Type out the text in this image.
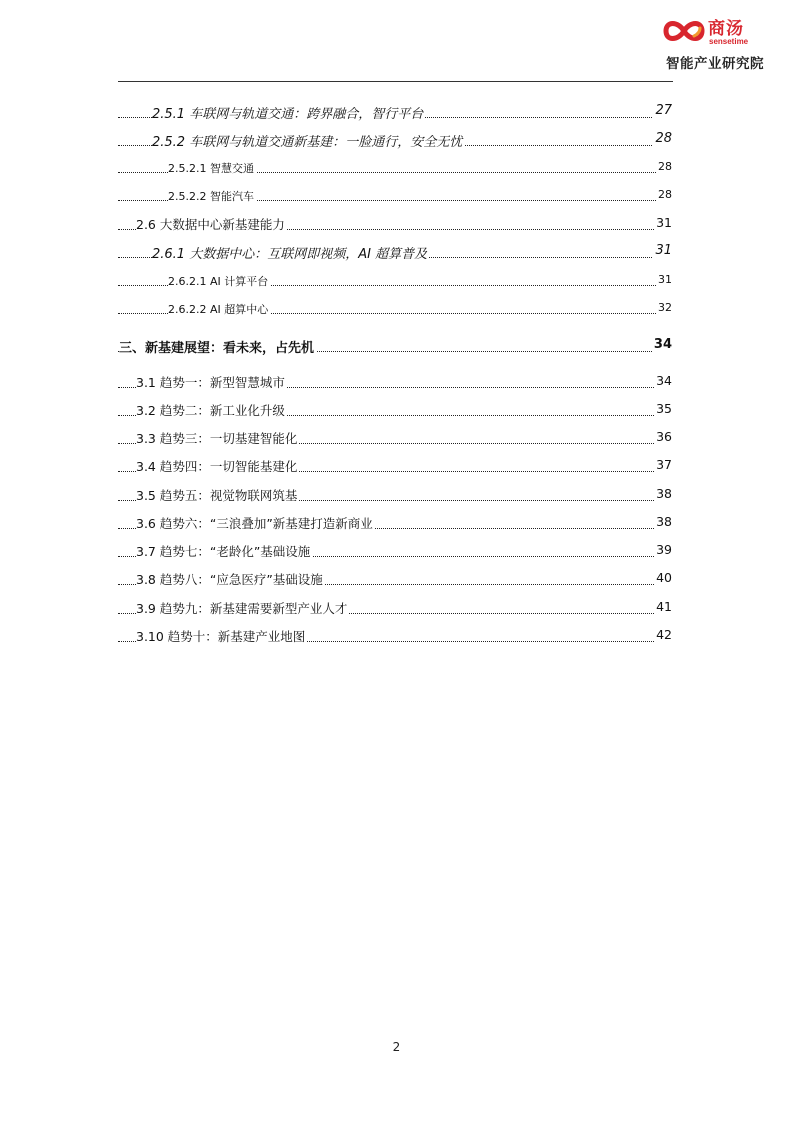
商汤
sensetime
智能产业研究院
2.5.1 车联网与轨道交通：跨界融合，智行平台	27
2.5.2 车联网与轨道交通新基建：一脸通行，安全无忧	28
2.5.2.1 智慧交通	28
2.5.2.2 智能汽车	28
2.6 大数据中心新基建能力	31
2.6.1 大数据中心：互联网即视频，AI 超算普及	31
2.6.2.1 AI 计算平台	31
2.6.2.2 AI 超算中心	32
三、新基建展望：看未来，占先机	34
3.1 趋势一：新型智慧城市	34
3.2 趋势二：新工业化升级	35
3.3 趋势三：一切基建智能化	36
3.4 趋势四：一切智能基建化	37
3.5 趋势五：视觉物联网筑基	38
3.6 趋势六：“三浪叠加”新基建打造新商业	38
3.7 趋势七：“老龄化”基础设施	39
3.8 趋势八：“应急医疗”基础设施	40
3.9 趋势九：新基建需要新型产业人才	41
3.10 趋势十：新基建产业地图	42
2
